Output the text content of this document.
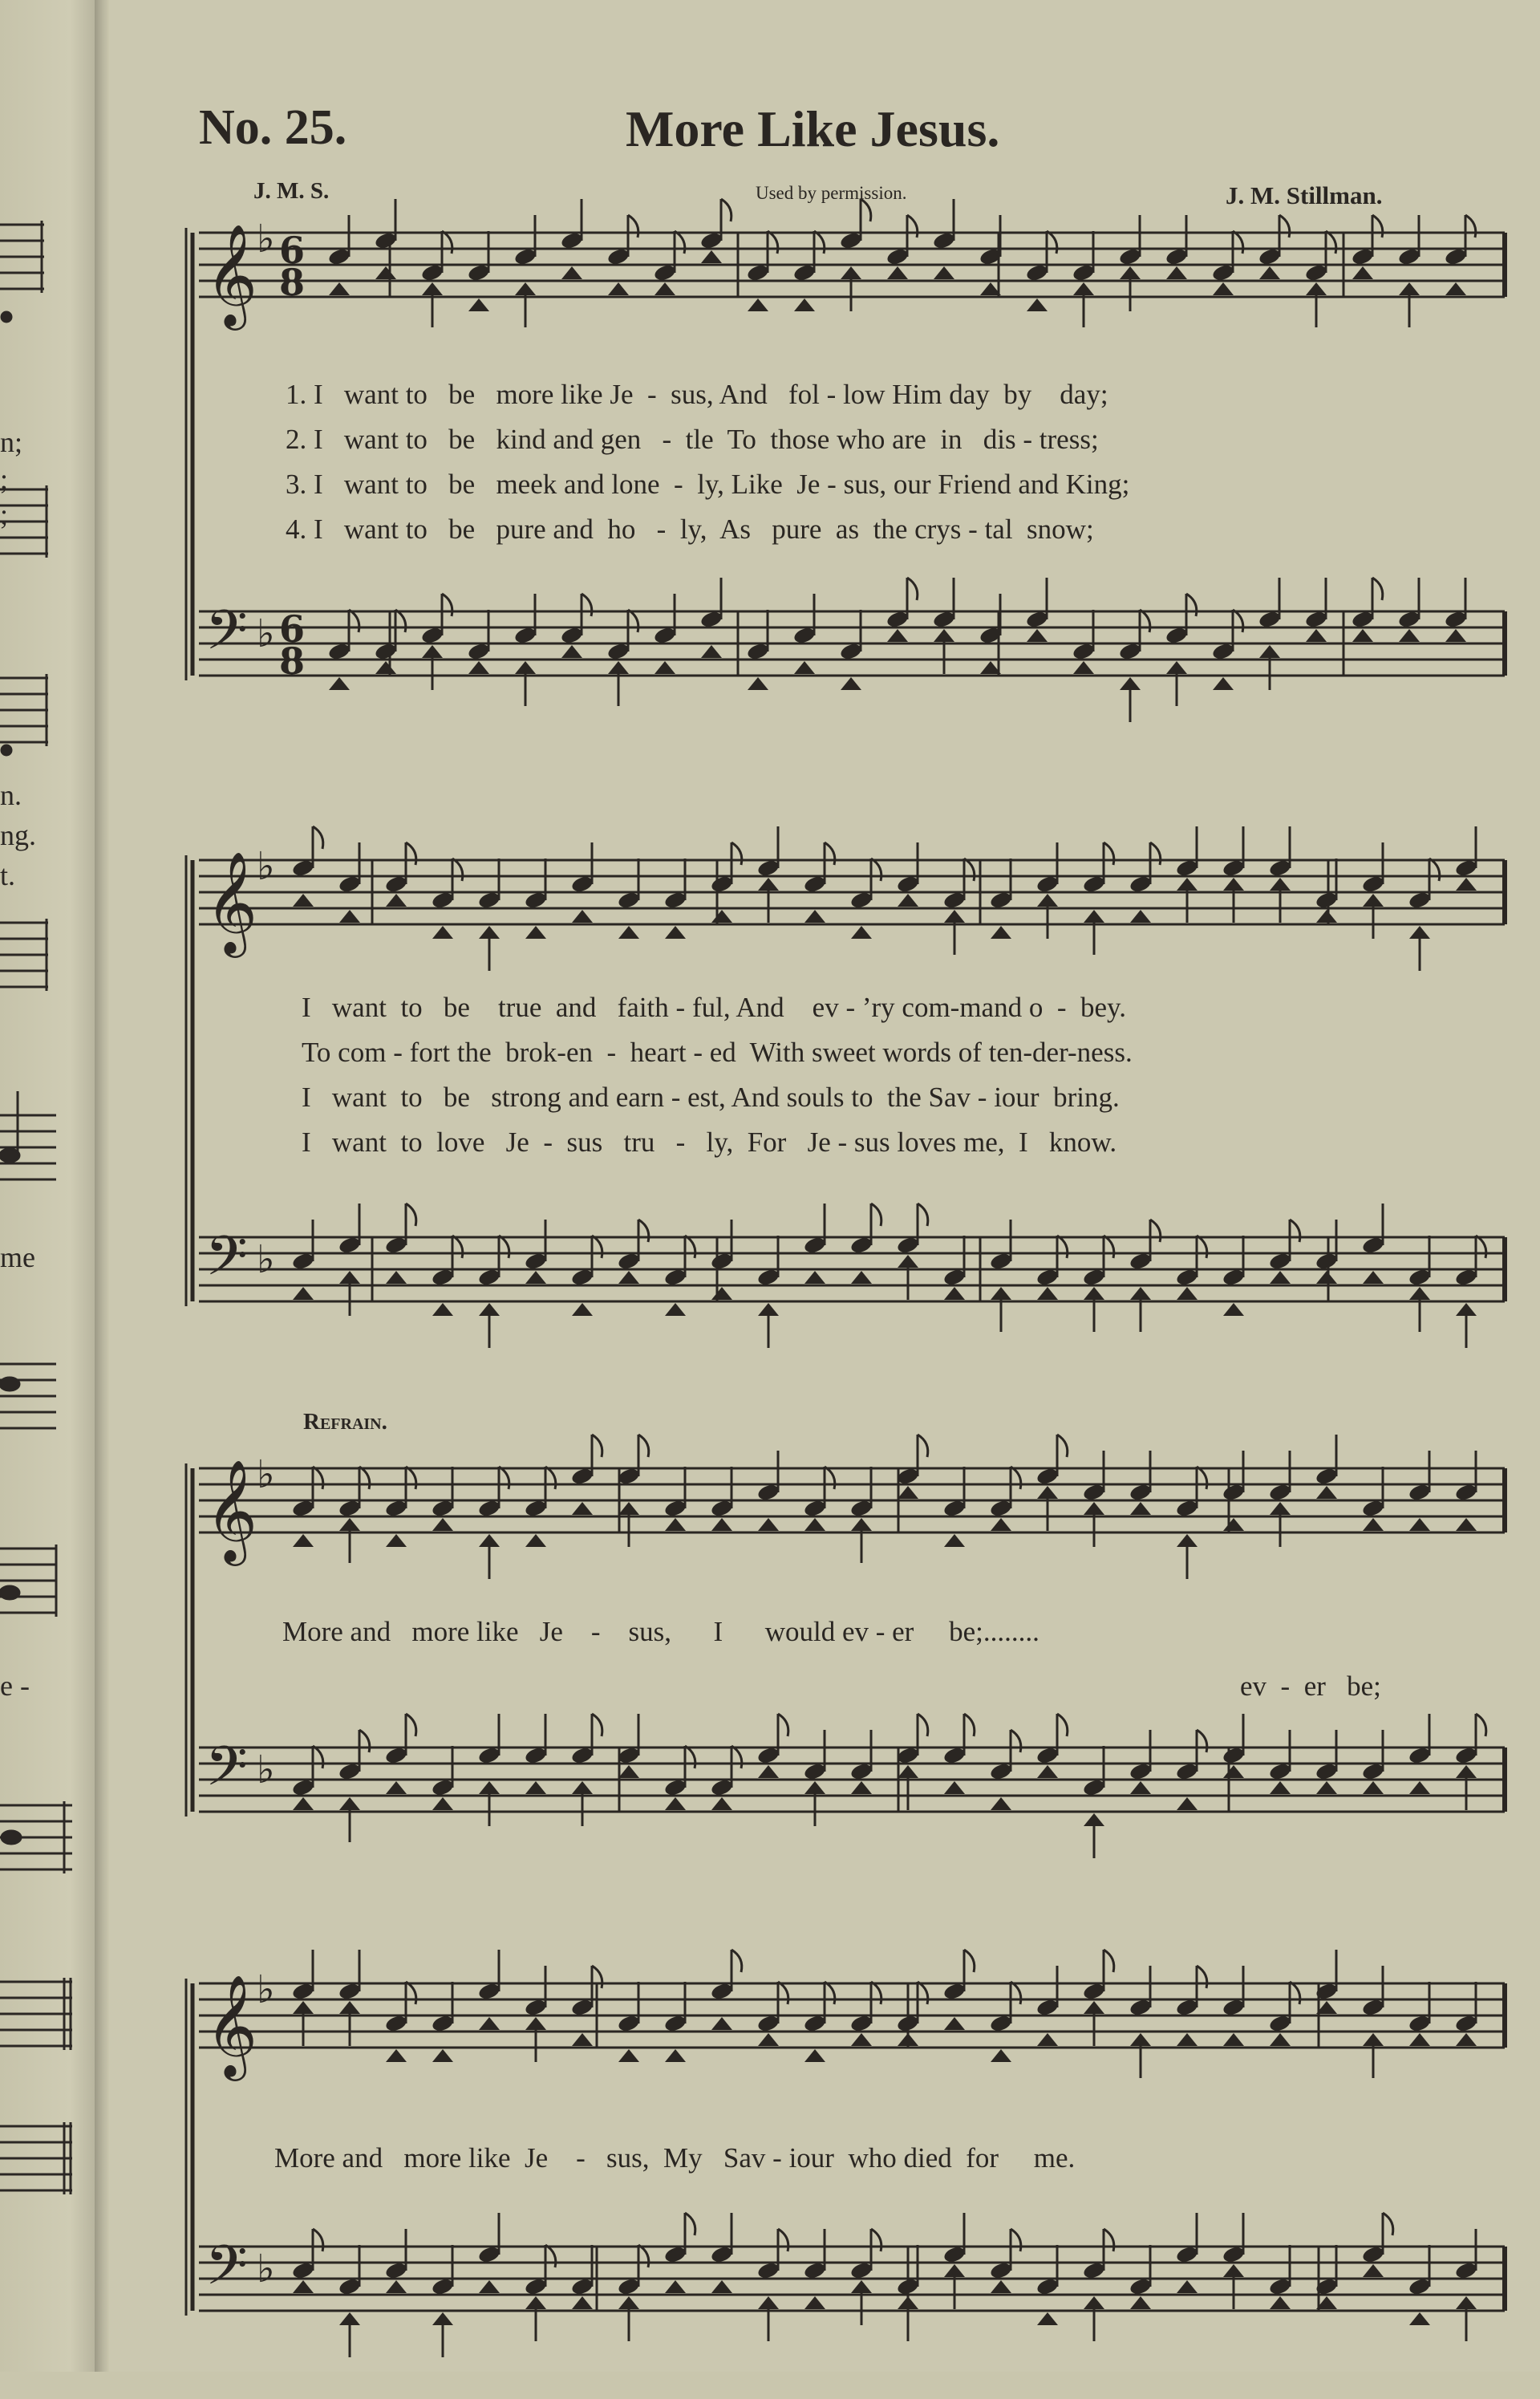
n;
;
;
n.
ng.
t.
me
e -
No. 25.	More Like Jesus.
J. M. S.	Used by permission.	J. M. Stillman.
𝄞
♭ 6
8
𝄢 ♭ 6
8
1. I   want to   be   more like Je  -  sus, And   fol - low Him day  by    day;
2. I   want to   be   kind and gen   -  tle  To  those who are  in   dis - tress;
3. I   want to   be   meek and lone  -  ly, Like  Je - sus, our Friend and King;
4. I   want to   be   pure and  ho   -  ly,  As   pure  as  the crys - tal  snow;
𝄞
♭
𝄢 ♭
I   want  to   be    true  and   faith - ful, And    ev - ’ry com-mand o  -  bey.
To com - fort the  brok-en  -  heart - ed  With sweet words of ten-der-ness.
I   want  to   be   strong and earn - est, And souls to  the Sav - iour  bring.
I   want  to  love   Je  -  sus   tru   -   ly,  For   Je - sus loves me,  I   know.
Refrain.
𝄞
♭
𝄢 ♭
More and   more like   Je    -    sus,      I      would ev - er     be;........
ev  -  er   be;
𝄞
♭
𝄢 ♭
More and   more like  Je    -   sus,  My   Sav - iour  who died  for     me.
